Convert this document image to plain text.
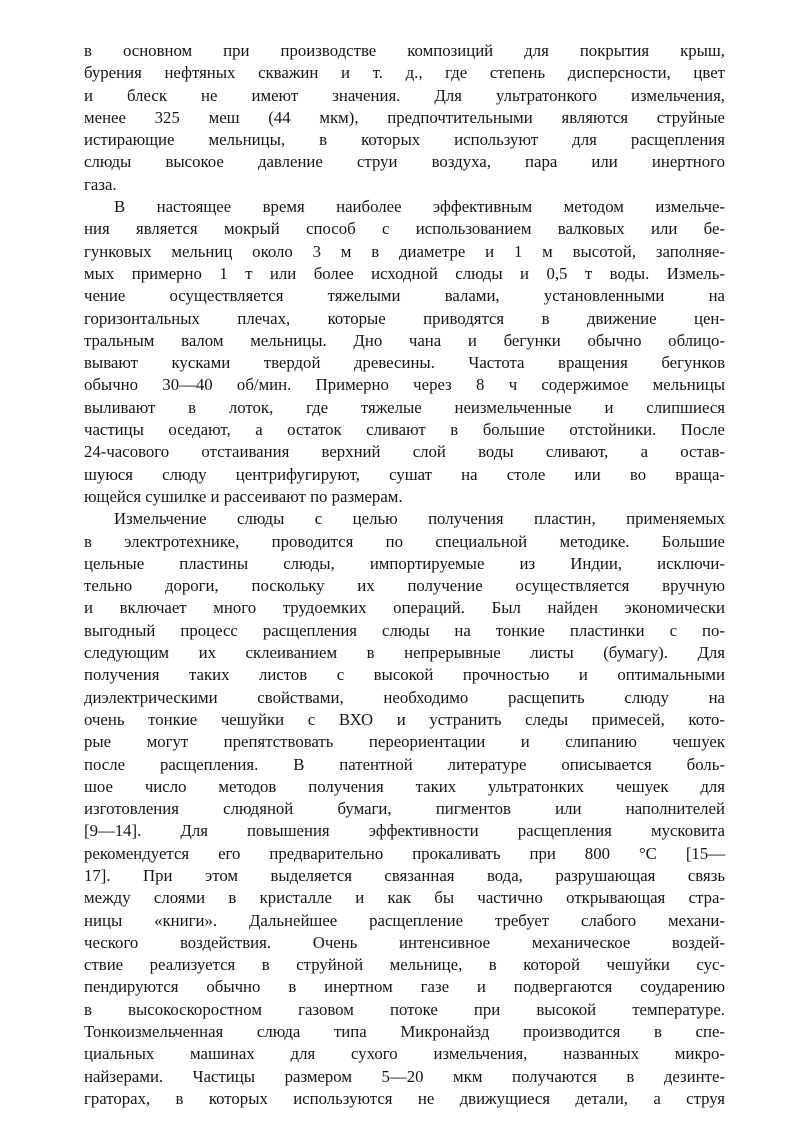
в основном при производстве композиций для покрытия крыш,
бурения нефтяных скважин и т. д., где степень дисперсности, цвет
и блеск не имеют значения. Для ультратонкого измельчения,
менее 325 меш (44 мкм), предпочтительными являются струйные
истирающие мельницы, в которых используют для расщепления
слюды высокое давление струи воздуха, пара или инертного
газа.
В настоящее время наиболее эффективным методом измельче-
ния является мокрый способ с использованием валковых или бе-
гунковых мельниц около 3 м в диаметре и 1 м высотой, заполняе-
мых примерно 1 т или более исходной слюды и 0,5 т воды. Измель-
чение осуществляется тяжелыми валами, установленными на
горизонтальных плечах, которые приводятся в движение цен-
тральным валом мельницы. Дно чана и бегунки обычно облицо-
вывают кусками твердой древесины. Частота вращения бегунков
обычно 30—40 об/мин. Примерно через 8 ч содержимое мельницы
выливают в лоток, где тяжелые неизмельченные и слипшиеся
частицы оседают, а остаток сливают в большие отстойники. После
24-часового отстаивания верхний слой воды сливают, а остав-
шуюся слюду центрифугируют, сушат на столе или во враща-
ющейся сушилке и рассеивают по размерам.
Измельчение слюды с целью получения пластин, применяемых
в электротехнике, проводится по специальной методике. Большие
цельные пластины слюды, импортируемые из Индии, исключи-
тельно дороги, поскольку их получение осуществляется вручную
и включает много трудоемких операций. Был найден экономически
выгодный процесс расщепления слюды на тонкие пластинки с по-
следующим их склеиванием в непрерывные листы (бумагу). Для
получения таких листов с высокой прочностью и оптимальными
диэлектрическими свойствами, необходимо расщепить слюду на
очень тонкие чешуйки с ВХО и устранить следы примесей, кото-
рые могут препятствовать переориентации и слипанию чешуек
после расщепления. В патентной литературе описывается боль-
шое число методов получения таких ультратонких чешуек для
изготовления слюдяной бумаги, пигментов или наполнителей
[9—14]. Для повышения эффективности расщепления мусковита
рекомендуется его предварительно прокаливать при 800 °С [15—
17]. При этом выделяется связанная вода, разрушающая связь
между слоями в кристалле и как бы частично открывающая стра-
ницы «книги». Дальнейшее расщепление требует слабого механи-
ческого воздействия. Очень интенсивное механическое воздей-
ствие реализуется в струйной мельнице, в которой чешуйки сус-
пендируются обычно в инертном газе и подвергаются соударению
в высокоскоростном газовом потоке при высокой температуре.
Тонкоизмельченная слюда типа Микронайзд производится в спе-
циальных машинах для сухого измельчения, названных микро-
найзерами. Частицы размером 5—20 мкм получаются в дезинте-
граторах, в которых используются не движущиеся детали, а струя
